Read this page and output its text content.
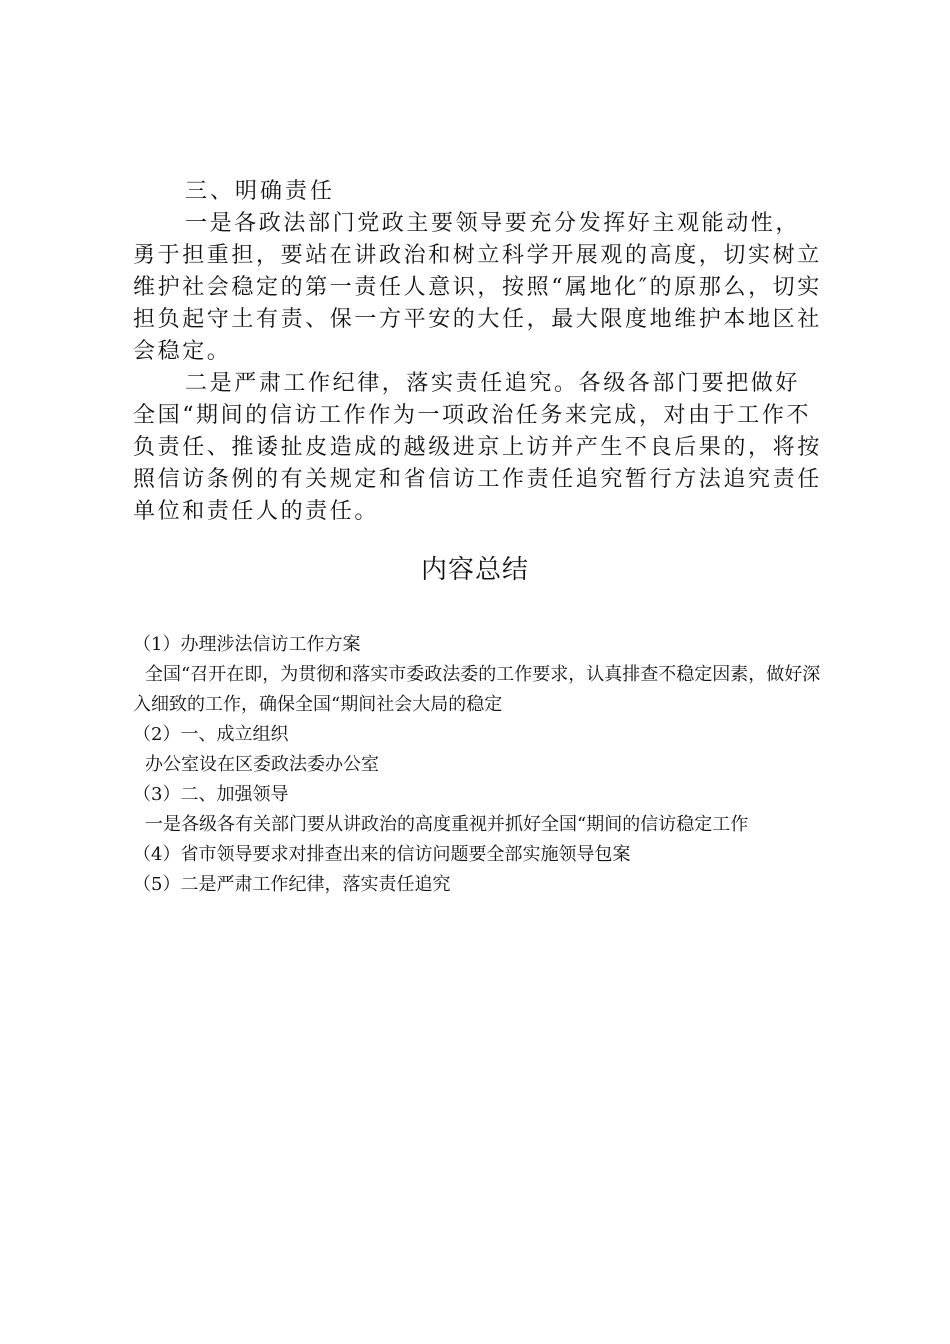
三、明确责任

一是各政法部门党政主要领导要充分发挥好主观能动性，勇于担重担，要站在讲政治和树立科学开展观的高度，切实树立维护社会稳定的第一责任人意识，按照“属地化″的原那么，切实担负起守土有责、保一方平安的大任，最大限度地维护本地区社会稳定。

二是严肃工作纪律，落实责任追究。各级各部门要把做好全国“期间的信访工作作为一项政治任务来完成，对由于工作不负责任、推诿扯皮造成的越级进京上访并产生不良后果的，将按照信访条例的有关规定和省信访工作责任追究暂行方法追究责任单位和责任人的责任。

内容总结
（1）办理涉法信访工作方案
全国“召开在即，为贯彻和落实市委政法委的工作要求，认真排查不稳定因素，做好深入细致的工作，确保全国“期间社会大局的稳定
（2）一、成立组织
办公室设在区委政法委办公室
（3）二、加强领导
一是各级各有关部门要从讲政治的高度重视并抓好全国“期间的信访稳定工作
（4）省市领导要求对排查出来的信访问题要全部实施领导包案
（5）二是严肃工作纪律，落实责任追究
